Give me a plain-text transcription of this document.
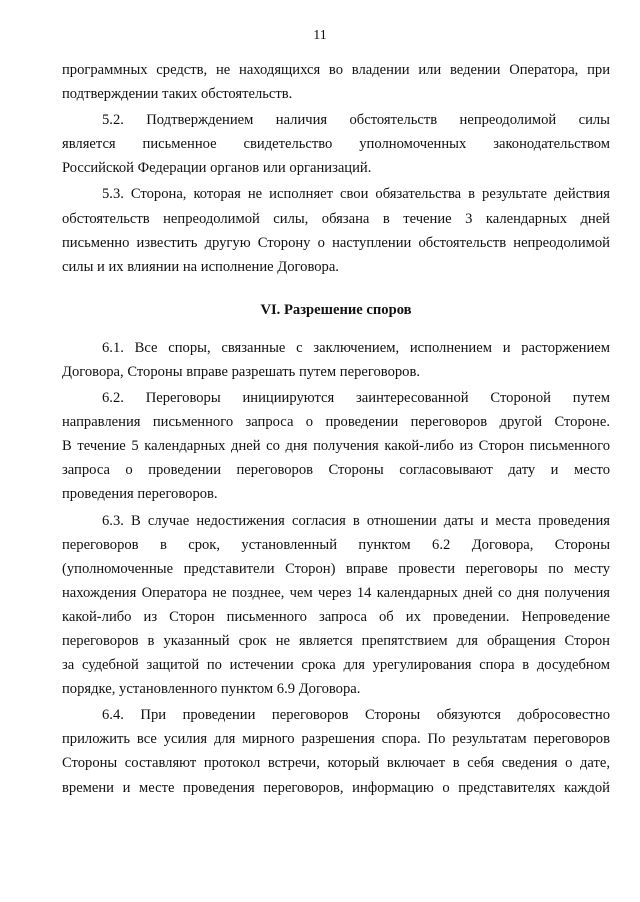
11

программных средств, не находящихся во владении или ведении Оператора, при
подтверждении таких обстоятельств.

5.2. Подтверждением наличия обстоятельств непреодолимой силы
является письменное свидетельство уполномоченных законодательством
Российской Федерации органов или организаций.

5.3. Сторона, которая не исполняет свои обязательства в результате действия
обстоятельств непреодолимой силы, обязана в течение 3 календарных дней
письменно известить другую Сторону о наступлении обстоятельств непреодолимой
силы и их влиянии на исполнение Договора.

VI. Разрешение споров

6.1. Все споры, связанные с заключением, исполнением и расторжением
Договора, Стороны вправе разрешать путем переговоров.

6.2. Переговоры инициируются заинтересованной Стороной путем
направления письменного запроса о проведении переговоров другой Стороне.
В течение 5 календарных дней со дня получения какой-либо из Сторон письменного
запроса о проведении переговоров Стороны согласовывают дату и место
проведения переговоров.

6.3. В случае недостижения согласия в отношении даты и места проведения
переговоров в срок, установленный пунктом 6.2 Договора, Стороны
(уполномоченные представители Сторон) вправе провести переговоры по месту
нахождения Оператора не позднее, чем через 14 календарных дней со дня получения
какой-либо из Сторон письменного запроса об их проведении. Непроведение
переговоров в указанный срок не является препятствием для обращения Сторон
за судебной защитой по истечении срока для урегулирования спора в досудебном
порядке, установленного пунктом 6.9 Договора.

6.4. При проведении переговоров Стороны обязуются добросовестно
приложить все усилия для мирного разрешения спора. По результатам переговоров
Стороны составляют протокол встречи, который включает в себя сведения о дате,
времени и месте проведения переговоров, информацию о представителях каждой
